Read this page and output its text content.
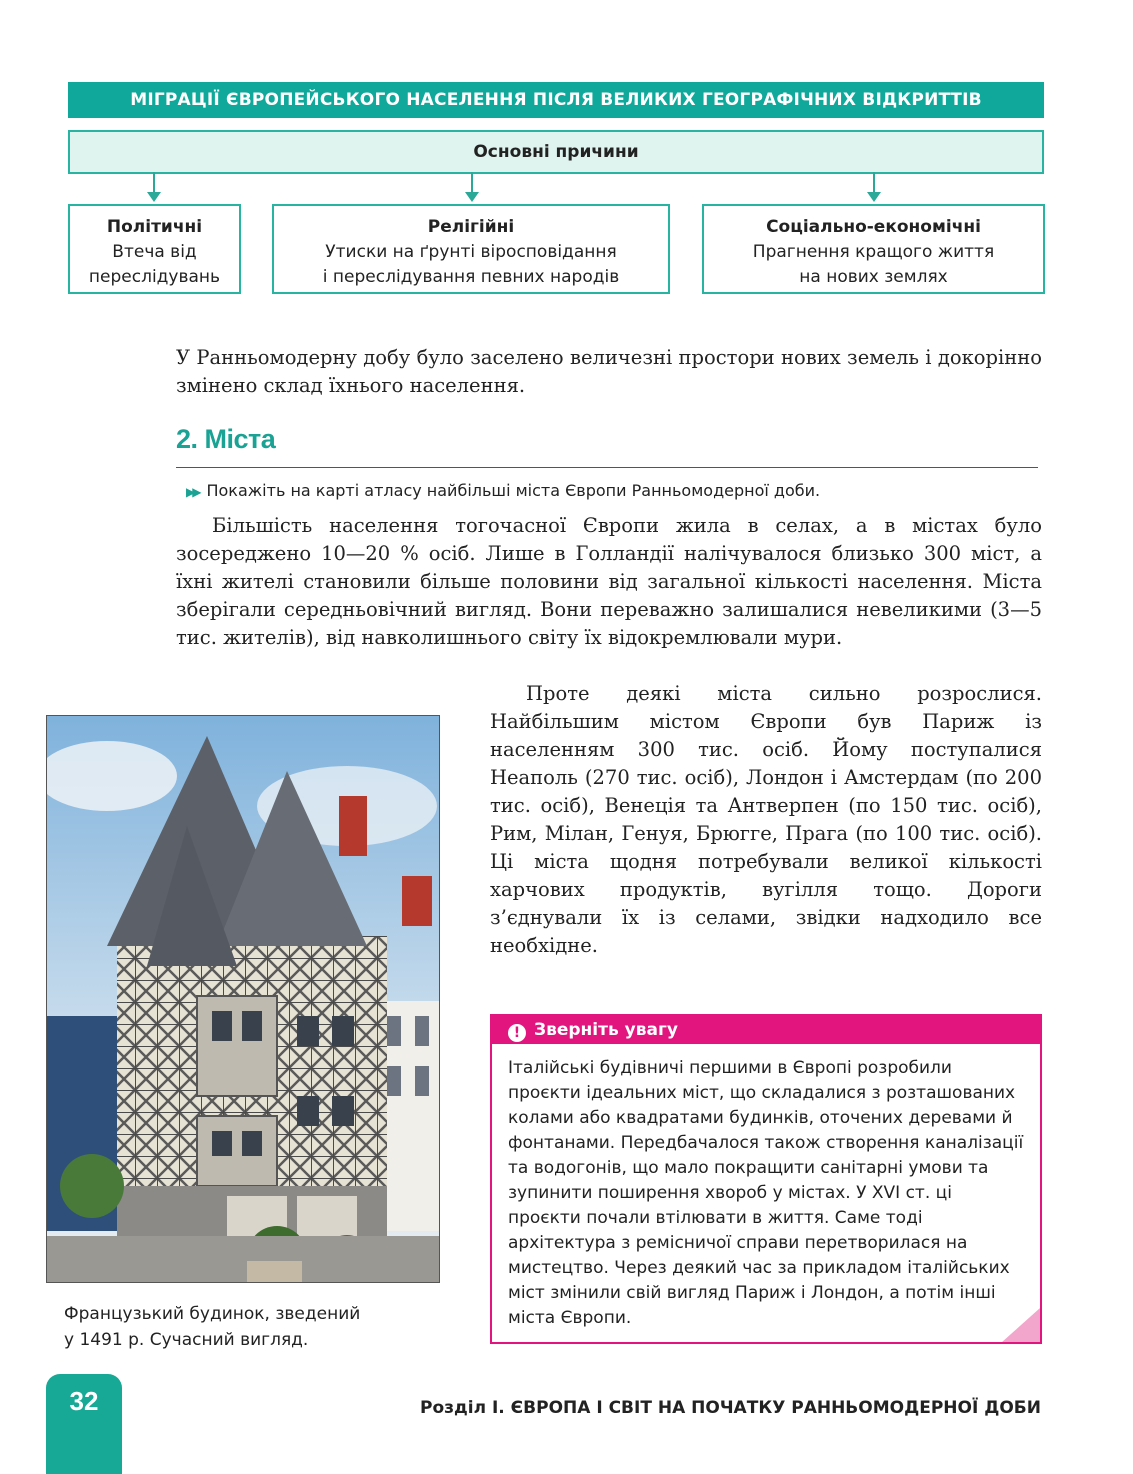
МІГРАЦІЇ ЄВРОПЕЙСЬКОГО НАСЕЛЕННЯ ПІСЛЯ ВЕЛИКИХ ГЕОГРАФІЧНИХ ВІДКРИТТІВ
Основні причини
Політичні
Втеча від
переслідувань
Релігійні
Утиски на ґрунті віросповідання
і переслідування певних народів
Соціально-економічні
Прагнення кращого життя
на нових землях
У Ранньомодерну добу було заселено величезні простори нових земель і докорінно змінено склад їхнього населення.
2. Міста
▶▶ Покажіть на карті атласу найбільші міста Європи Ранньомодерної доби.
Більшість населення тогочасної Європи жила в селах, а в містах було зосереджено 10—20 % осіб. Лише в Голландії налічувалося близько 300 міст, а їхні жителі становили більше половини від загальної кількості населення. Міста зберігали середньовічний вигляд. Вони переважно залишалися невеликими (3—5 тис. жителів), від навколишнього світу їх відокремлювали мури.
Французький будинок, зведений
у 1491 р. Сучасний вигляд.
Проте деякі міста сильно розрослися. Найбільшим містом Європи був Париж із населенням 300 тис. осіб. Йому поступалися Неаполь (270 тис. осіб), Лондон і Амстердам (по 200 тис. осіб), Венеція та Антверпен (по 150 тис. осіб), Рим, Мілан, Генуя, Брюгге, Прага (по 100 тис. осіб). Ці міста щодня потребували великої кількості харчових продуктів, вугілля тощо. Дороги з’єднували їх із селами, звідки надходило все необхідне.
! Зверніть увагу
Італійські будівничі першими в Європі розробили проєкти ідеальних міст, що складалися з розташованих колами або квадратами будинків, оточених деревами й фонтанами. Передбачалося також створення каналізації та водогонів, що мало покращити санітарні умови та зупинити поширення хвороб у містах. У XVI ст. ці проєкти почали втілювати в життя. Саме тоді архітектура з ремісничої справи перетворилася на мистецтво. Через деякий час за прикладом італійських міст змінили свій вигляд Париж і Лондон, а потім інші міста Європи.
32	Розділ І. ЄВРОПА І СВІТ НА ПОЧАТКУ РАННЬОМОДЕРНОЇ ДОБИ
